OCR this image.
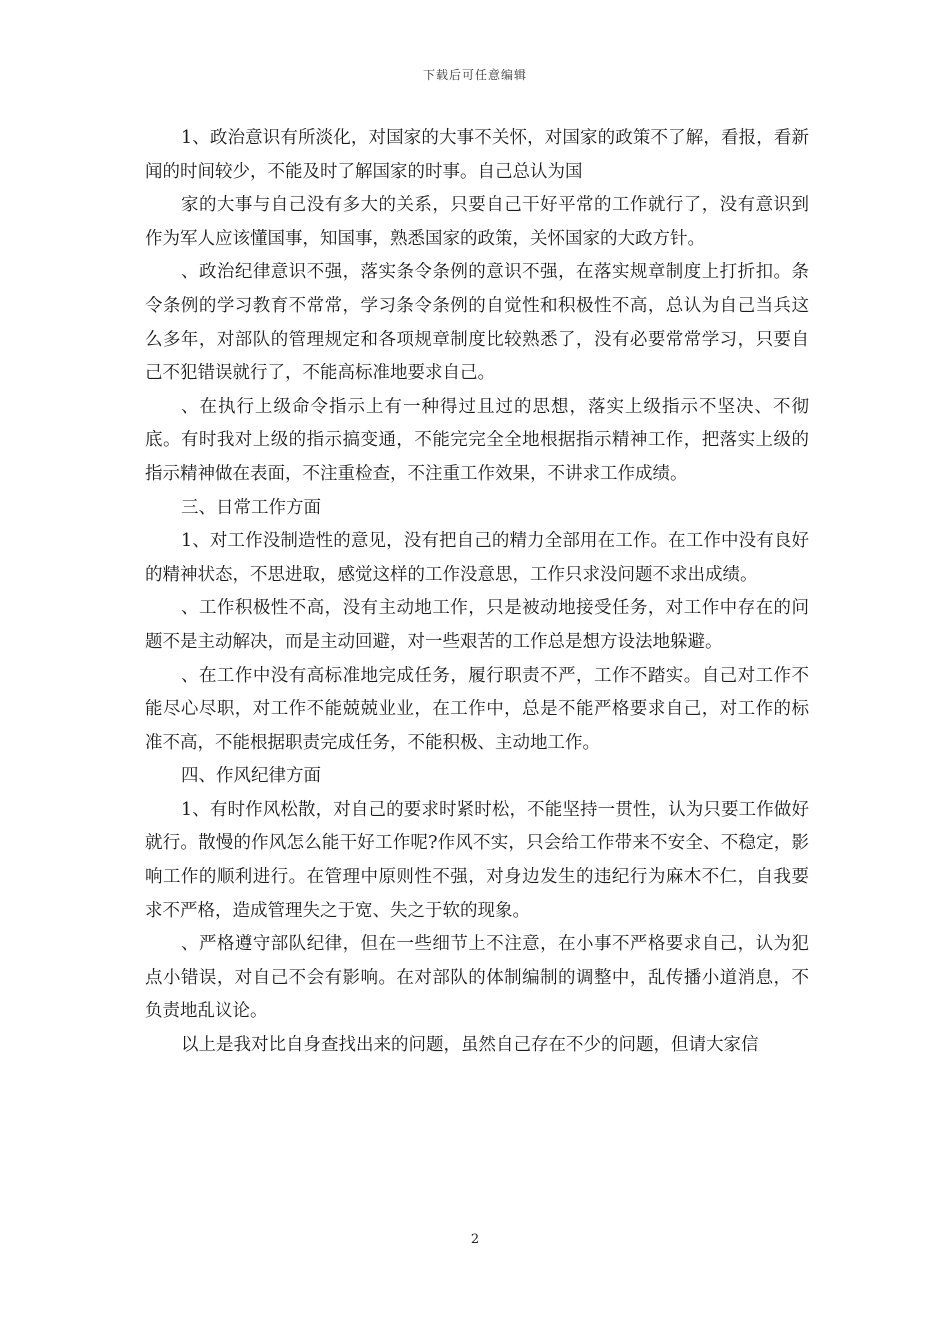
下载后可任意编辑

1、政治意识有所淡化，对国家的大事不关怀，对国家的政策不了解，看报，看新闻的时间较少，不能及时了解国家的时事。自己总认为国

家的大事与自己没有多大的关系，只要自己干好平常的工作就行了，没有意识到作为军人应该懂国事，知国事，熟悉国家的政策，关怀国家的大政方针。

、政治纪律意识不强，落实条令条例的意识不强，在落实规章制度上打折扣。条令条例的学习教育不常常，学习条令条例的自觉性和积极性不高，总认为自己当兵这么多年，对部队的管理规定和各项规章制度比较熟悉了，没有必要常常学习，只要自己不犯错误就行了，不能高标准地要求自己。

、在执行上级命令指示上有一种得过且过的思想，落实上级指示不坚决、不彻底。有时我对上级的指示搞变通，不能完完全全地根据指示精神工作，把落实上级的指示精神做在表面，不注重检查，不注重工作效果，不讲求工作成绩。

三、日常工作方面

1、对工作没制造性的意见，没有把自己的精力全部用在工作。在工作中没有良好的精神状态，不思进取，感觉这样的工作没意思，工作只求没问题不求出成绩。

、工作积极性不高，没有主动地工作，只是被动地接受任务，对工作中存在的问题不是主动解决，而是主动回避，对一些艰苦的工作总是想方设法地躲避。

、在工作中没有高标准地完成任务，履行职责不严，工作不踏实。自己对工作不能尽心尽职，对工作不能兢兢业业，在工作中，总是不能严格要求自己，对工作的标准不高，不能根据职责完成任务，不能积极、主动地工作。

四、作风纪律方面

1、有时作风松散，对自己的要求时紧时松，不能坚持一贯性，认为只要工作做好就行。散慢的作风怎么能干好工作呢?作风不实，只会给工作带来不安全、不稳定，影响工作的顺利进行。在管理中原则性不强，对身边发生的违纪行为麻木不仁，自我要求不严格，造成管理失之于宽、失之于软的现象。

、严格遵守部队纪律，但在一些细节上不注意，在小事不严格要求自己，认为犯点小错误，对自己不会有影响。在对部队的体制编制的调整中，乱传播小道消息，不负责地乱议论。

以上是我对比自身查找出来的问题，虽然自己存在不少的问题，但请大家信

2
